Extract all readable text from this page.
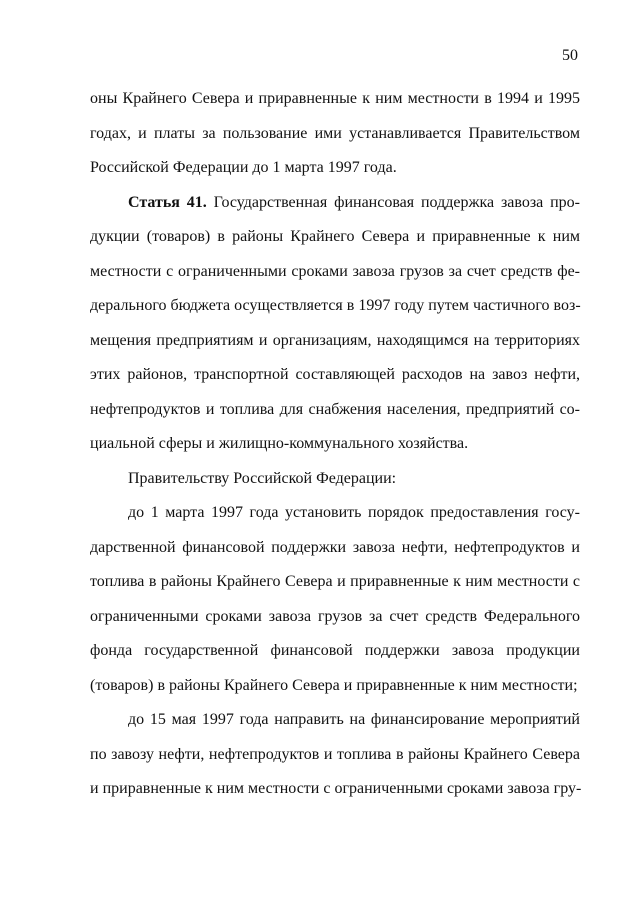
50
оны Крайнего Севера и приравненные к ним местности в 1994 и 1995
годах, и платы за пользование ими устанавливается Правительством
Российской Федерации до 1 марта 1997 года.
Статья 41. Государственная финансовая поддержка завоза про-
дукции (товаров) в районы Крайнего Севера и приравненные к ним
местности с ограниченными сроками завоза грузов за счет средств фе-
дерального бюджета осуществляется в 1997 году путем частичного воз-
мещения предприятиям и организациям, находящимся на территориях
этих районов, транспортной составляющей расходов на завоз нефти,
нефтепродуктов и топлива для снабжения населения, предприятий со-
циальной сферы и жилищно-коммунального хозяйства.
Правительству Российской Федерации:
до 1 марта 1997 года установить порядок предоставления госу-
дарственной финансовой поддержки завоза нефти, нефтепродуктов и
топлива в районы Крайнего Севера и приравненные к ним местности с
ограниченными сроками завоза грузов за счет средств Федерального
фонда государственной финансовой поддержки завоза продукции
(товаров) в районы Крайнего Севера и приравненные к ним местности;
до 15 мая 1997 года направить на финансирование мероприятий
по завозу нефти, нефтепродуктов и топлива в районы Крайнего Севера
и приравненные к ним местности с ограниченными сроками завоза гру-
